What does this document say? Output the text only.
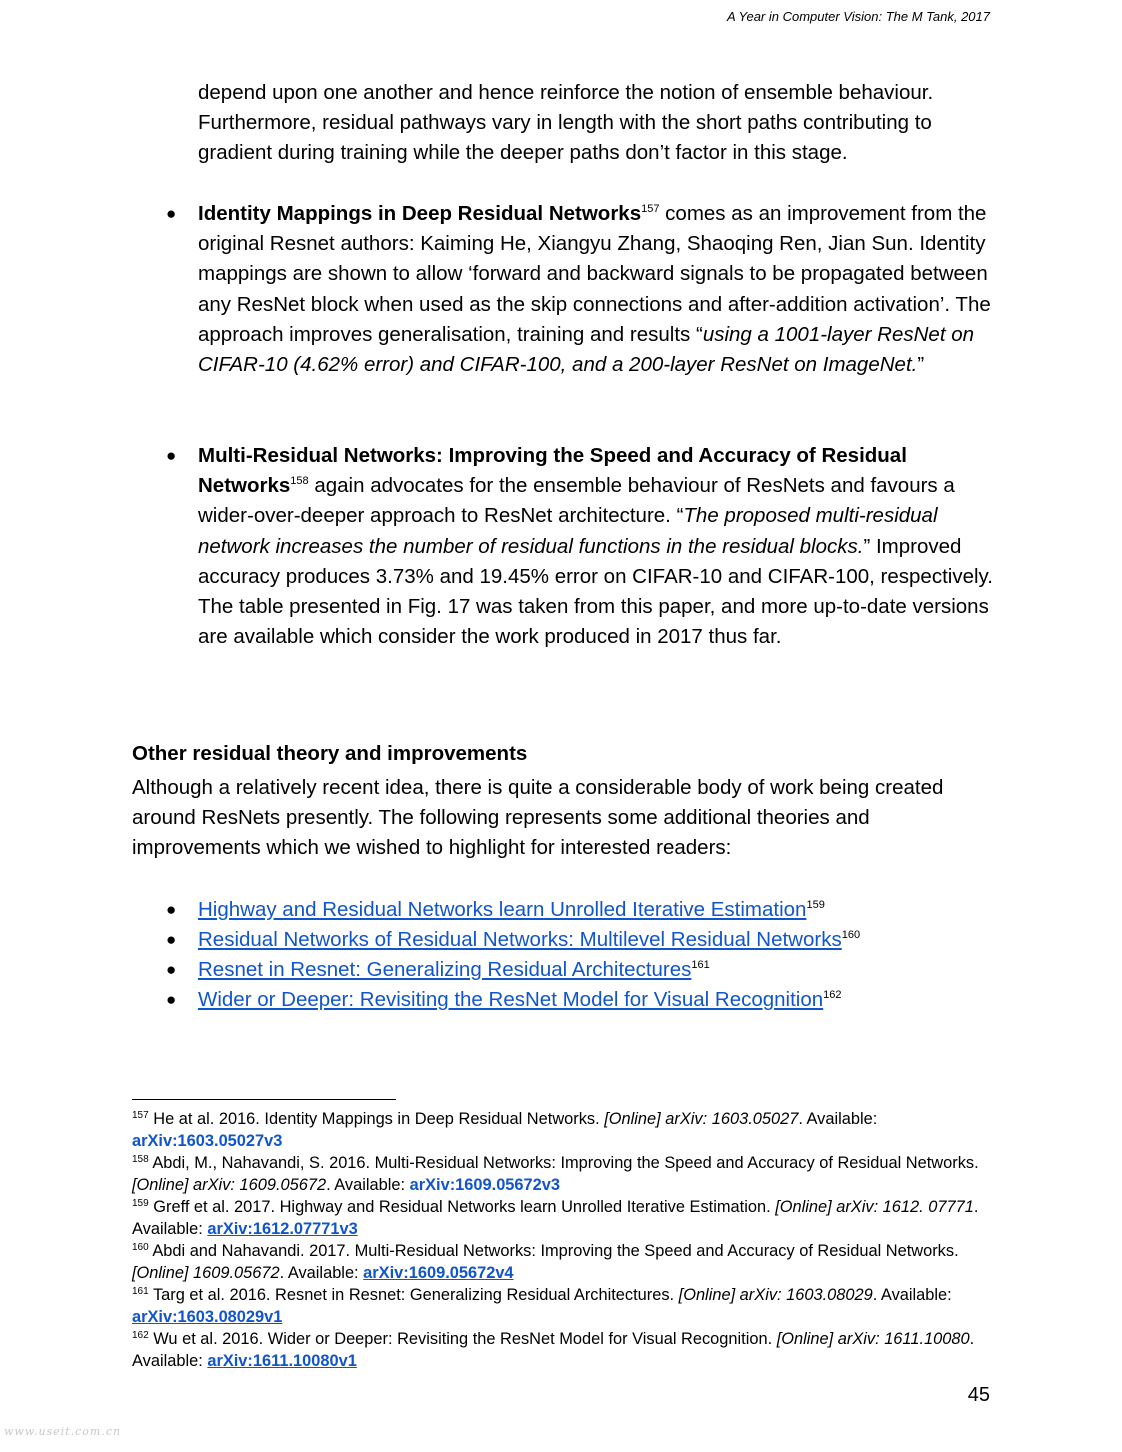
A Year in Computer Vision: The M Tank, 2017

depend upon one another and hence reinforce the notion of ensemble behaviour. Furthermore, residual pathways vary in length with the short paths contributing to gradient during training while the deeper paths don’t factor in this stage.

● Identity Mappings in Deep Residual Networks$^{157}$ comes as an improvement from the original Resnet authors: Kaiming He, Xiangyu Zhang, Shaoqing Ren, Jian Sun. Identity mappings are shown to allow ‘forward and backward signals to be propagated between any ResNet block when used as the skip connections and after-addition activation’. The approach improves generalisation, training and results “using a 1001-layer ResNet on CIFAR-10 (4.62% error) and CIFAR-100, and a 200-layer ResNet on ImageNet.”

● Multi-Residual Networks: Improving the Speed and Accuracy of Residual Networks$^{158}$ again advocates for the ensemble behaviour of ResNets and favours a wider-over-deeper approach to ResNet architecture. “The proposed multi-residual network increases the number of residual functions in the residual blocks.” Improved accuracy produces 3.73% and 19.45% error on CIFAR-10 and CIFAR-100, respectively. The table presented in Fig. 17 was taken from this paper, and more up-to-date versions are available which consider the work produced in 2017 thus far.

Other residual theory and improvements

Although a relatively recent idea, there is quite a considerable body of work being created around ResNets presently. The following represents some additional theories and improvements which we wished to highlight for interested readers:

● Highway and Residual Networks learn Unrolled Iterative Estimation$^{159}$
● Residual Networks of Residual Networks: Multilevel Residual Networks$^{160}$
● Resnet in Resnet: Generalizing Residual Architectures$^{161}$
● Wider or Deeper: Revisiting the ResNet Model for Visual Recognition$^{162}$
$^{157}$ He at al. 2016. Identity Mappings in Deep Residual Networks. [Online] arXiv: 1603.05027. Available: arXiv:1603.05027v3
$^{158}$ Abdi, M., Nahavandi, S. 2016. Multi-Residual Networks: Improving the Speed and Accuracy of Residual Networks. [Online] arXiv: 1609.05672. Available: arXiv:1609.05672v3
$^{159}$ Greff et al. 2017. Highway and Residual Networks learn Unrolled Iterative Estimation. [Online] arXiv: 1612. 07771. Available: arXiv:1612.07771v3
$^{160}$ Abdi and Nahavandi. 2017. Multi-Residual Networks: Improving the Speed and Accuracy of Residual Networks. [Online] 1609.05672. Available: arXiv:1609.05672v4
$^{161}$ Targ et al. 2016. Resnet in Resnet: Generalizing Residual Architectures. [Online] arXiv: 1603.08029. Available: arXiv:1603.08029v1
$^{162}$ Wu et al. 2016. Wider or Deeper: Revisiting the ResNet Model for Visual Recognition. [Online] arXiv: 1611.10080. Available: arXiv:1611.10080v1
45
www.useit.com.cn
